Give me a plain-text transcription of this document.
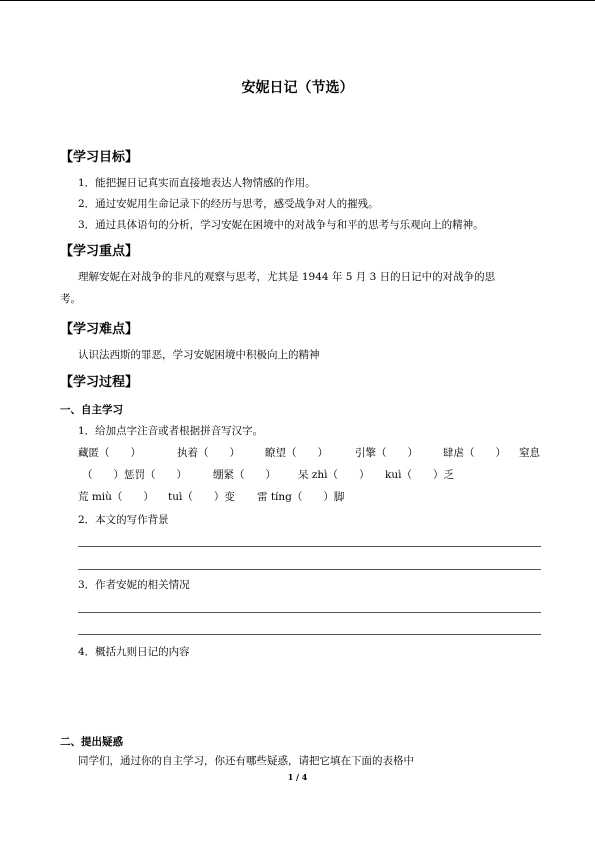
安妮日记（节选）
【学习目标】
1．能把握日记真实而直接地表达人物情感的作用。
2．通过安妮用生命记录下的经历与思考，感受战争对人的摧残。
3．通过具体语句的分析，学习安妮在困境中的对战争与和平的思考与乐观向上的精神。
【学习重点】
理解安妮在对战争的非凡的观察与思考，尤其是 1944 年 5 月 3 日的日记中的对战争的思
考。
【学习难点】
认识法西斯的罪恶，学习安妮困境中积极向上的精神
【学习过程】
一、自主学习
1．给加点字注音或者根据拼音写汉字。
藏匿（　　）	执着（　　） 瞭望（　　）	引擎（　　） 肆虐（　　） 窒息
（　　）惩罚（　　） 绷紧（　　） 呆 zhì（　　） kuì（　　）乏
荒 miù（　　） tuì（　　）变 雷 tíng（　　）脚
2．本文的写作背景
3．作者安妮的相关情况
4．概括九则日记的内容
二、提出疑惑
同学们，通过你的自主学习，你还有哪些疑惑，请把它填在下面的表格中
1 / 4
